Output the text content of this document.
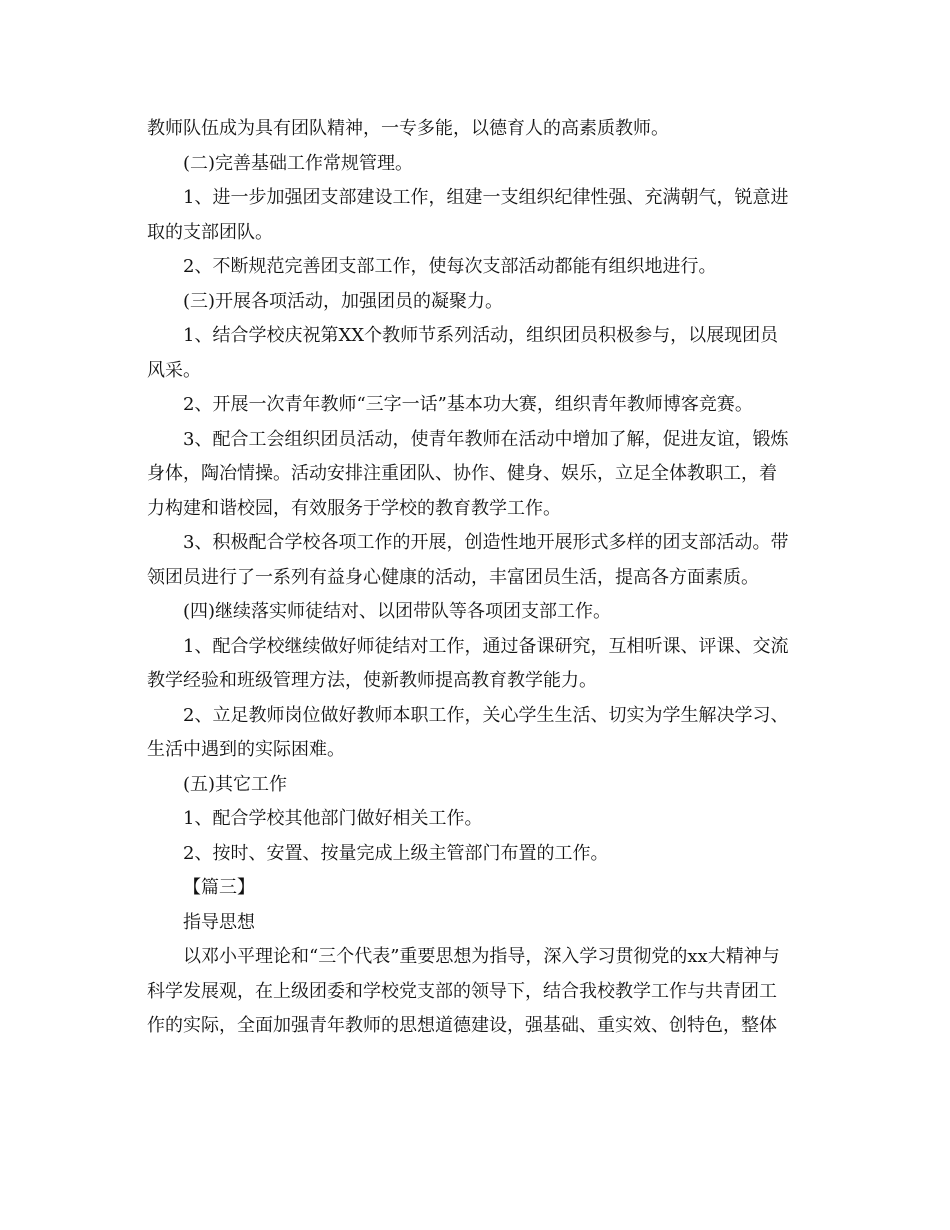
教师队伍成为具有团队精神，一专多能，以德育人的高素质教师。
(二)完善基础工作常规管理。
1、进一步加强团支部建设工作，组建一支组织纪律性强、充满朝气，锐意进
取的支部团队。
2、不断规范完善团支部工作，使每次支部活动都能有组织地进行。
(三)开展各项活动，加强团员的凝聚力。
1、结合学校庆祝第XX个教师节系列活动，组织团员积极参与，以展现团员
风采。
2、开展一次青年教师“三字一话”基本功大赛，组织青年教师博客竞赛。
3、配合工会组织团员活动，使青年教师在活动中增加了解，促进友谊，锻炼
身体，陶冶情操。活动安排注重团队、协作、健身、娱乐，立足全体教职工，着
力构建和谐校园，有效服务于学校的教育教学工作。
3、积极配合学校各项工作的开展，创造性地开展形式多样的团支部活动。带
领团员进行了一系列有益身心健康的活动，丰富团员生活，提高各方面素质。
(四)继续落实师徒结对、以团带队等各项团支部工作。
1、配合学校继续做好师徒结对工作，通过备课研究，互相听课、评课、交流
教学经验和班级管理方法，使新教师提高教育教学能力。
2、立足教师岗位做好教师本职工作，关心学生生活、切实为学生解决学习、
生活中遇到的实际困难。
(五)其它工作
1、配合学校其他部门做好相关工作。
2、按时、安置、按量完成上级主管部门布置的工作。
【篇三】
指导思想
以邓小平理论和“三个代表”重要思想为指导，深入学习贯彻党的xx大精神与
科学发展观，在上级团委和学校党支部的领导下，结合我校教学工作与共青团工
作的实际，全面加强青年教师的思想道德建设，强基础、重实效、创特色，整体
